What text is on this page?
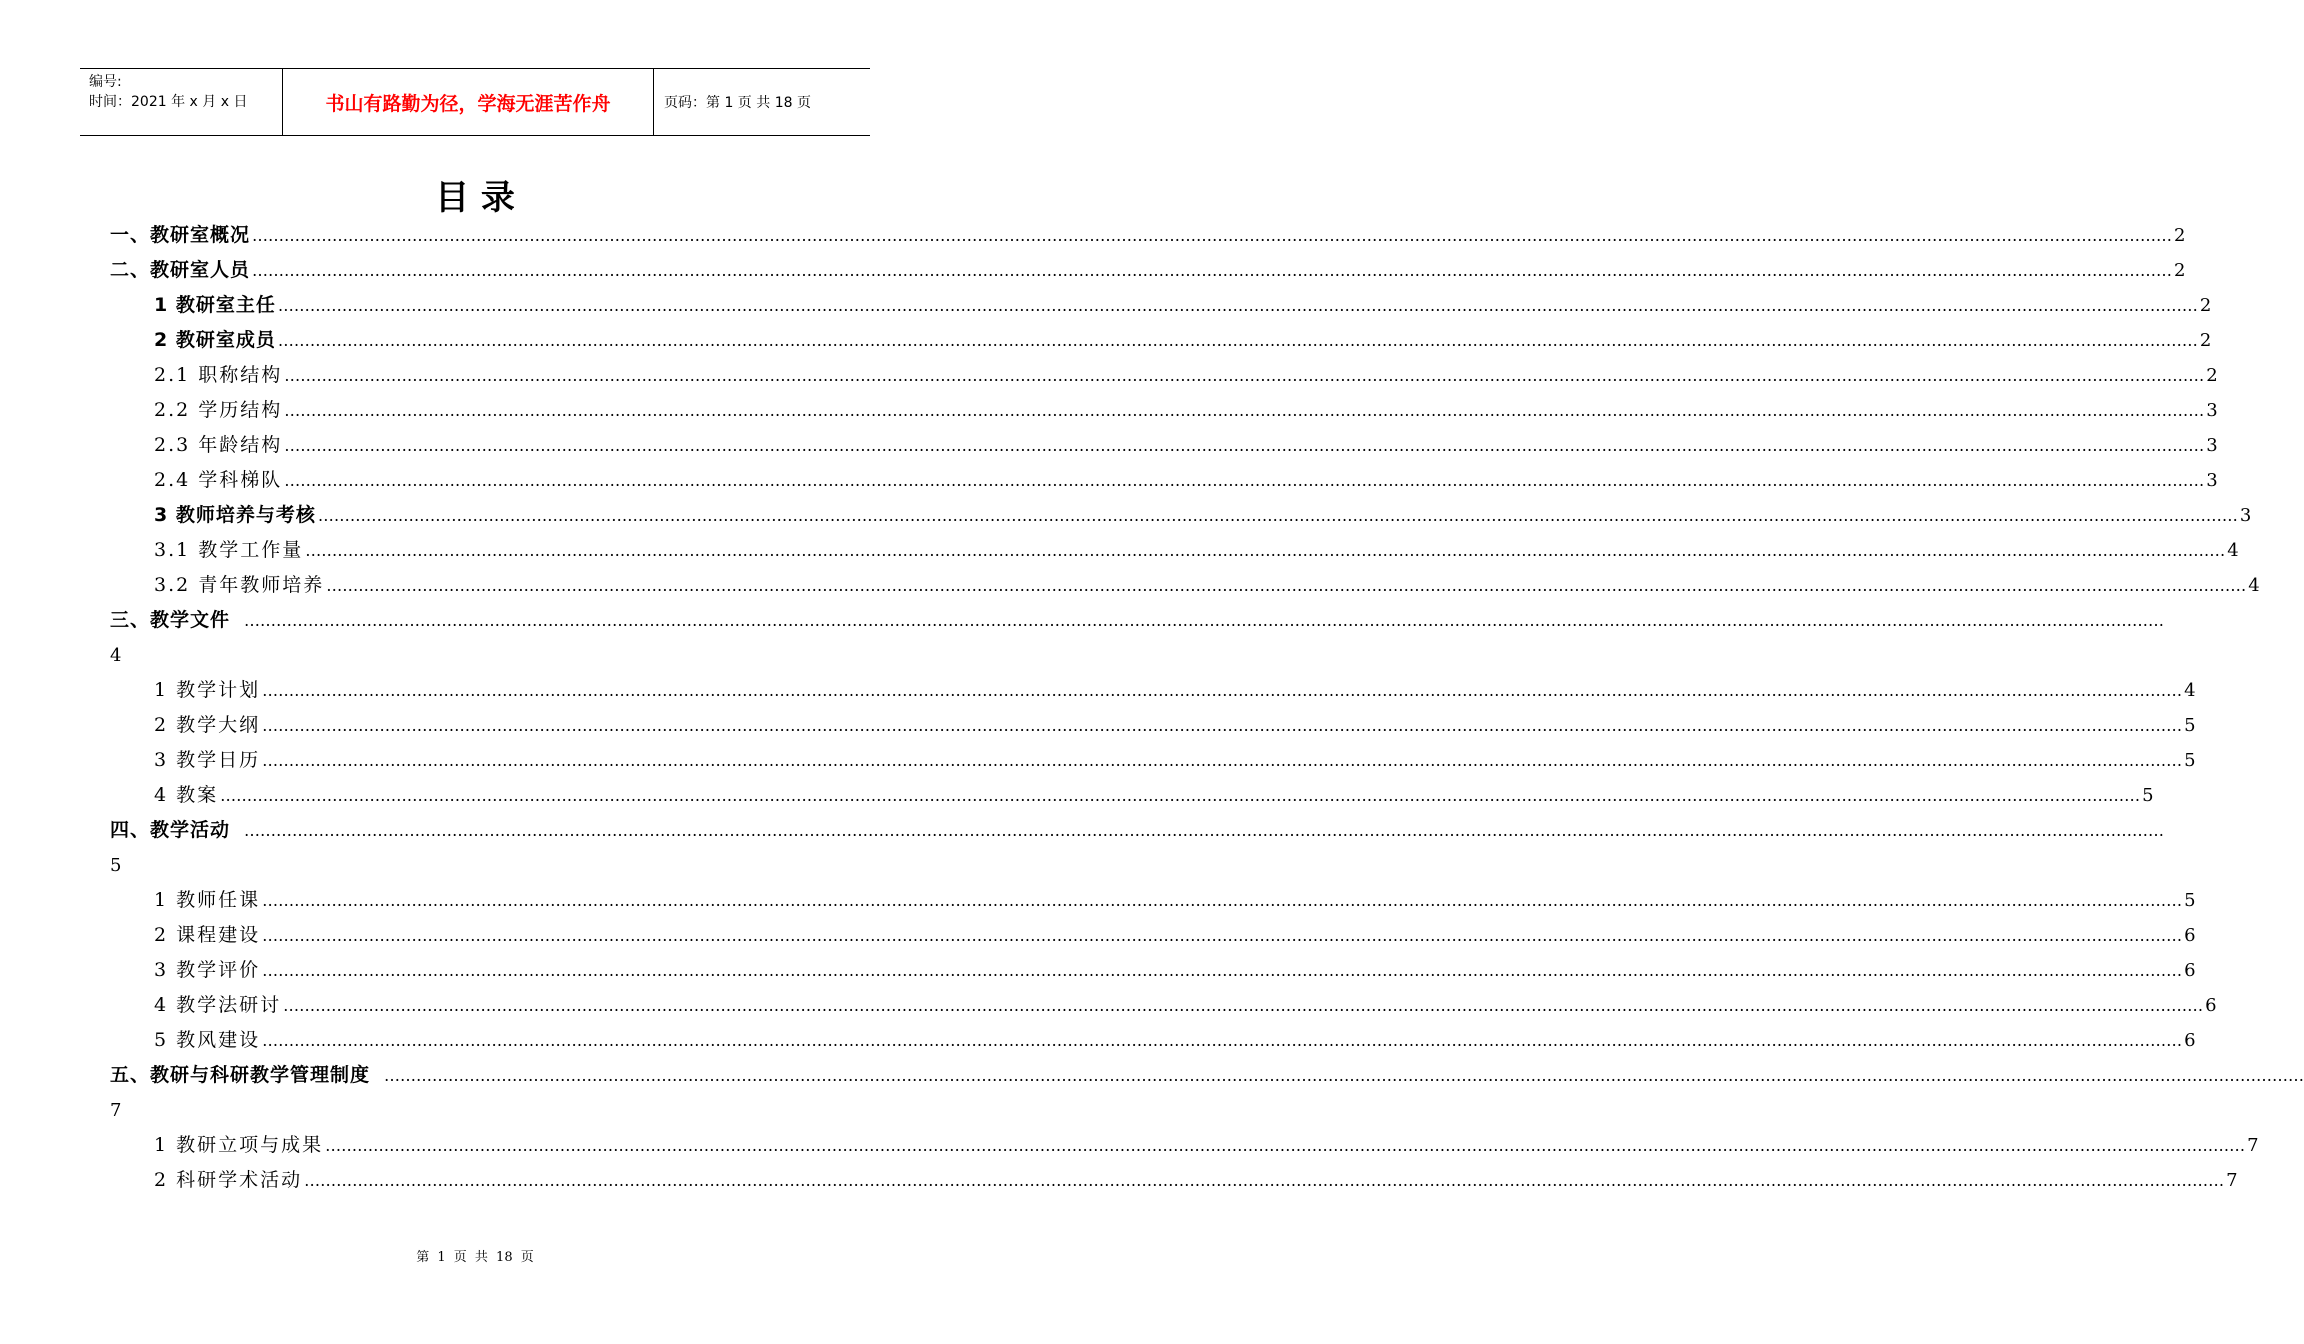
编号:
时间：2021 年 x 月 x 日	书山有路勤为径，学海无涯苦作舟	页码：第 1 页 共 18 页
目 录
一、教研室概况 ……………………………………………………………………………………………………………………………………………………………………………………………………………………………………………………………………………………………………………………………… 2
二、教研室人员 ……………………………………………………………………………………………………………………………………………………………………………………………………………………………………………………………………………………………………………………………… 2
1 教研室主任 ……………………………………………………………………………………………………………………………………………………………………………………………………………………………………………………………………………………………………………………………… 2
2 教研室成员 ……………………………………………………………………………………………………………………………………………………………………………………………………………………………………………………………………………………………………………………………… 2
2.1 职称结构 ……………………………………………………………………………………………………………………………………………………………………………………………………………………………………………………………………………………………………………………………… 2
2.2 学历结构 ……………………………………………………………………………………………………………………………………………………………………………………………………………………………………………………………………………………………………………………………… 3
2.3 年龄结构 ……………………………………………………………………………………………………………………………………………………………………………………………………………………………………………………………………………………………………………………………… 3
2.4 学科梯队 ……………………………………………………………………………………………………………………………………………………………………………………………………………………………………………………………………………………………………………………………… 3
3 教师培养与考核 ……………………………………………………………………………………………………………………………………………………………………………………………………………………………………………………………………………………………………………………………… 3
3.1 教学工作量 ……………………………………………………………………………………………………………………………………………………………………………………………………………………………………………………………………………………………………………………………… 4
3.2 青年教师培养 ……………………………………………………………………………………………………………………………………………………………………………………………………………………………………………………………………………………………………………………………… 4
三、教学文件 ………………………………………………………………………………………………………………………………………………………………………………………………………………………………………………………………………………………………………………………………
4
1 教学计划 ……………………………………………………………………………………………………………………………………………………………………………………………………………………………………………………………………………………………………………………………… 4
2 教学大纲 ……………………………………………………………………………………………………………………………………………………………………………………………………………………………………………………………………………………………………………………………… 5
3 教学日历 ……………………………………………………………………………………………………………………………………………………………………………………………………………………………………………………………………………………………………………………………… 5
4 教案 ……………………………………………………………………………………………………………………………………………………………………………………………………………………………………………………………………………………………………………………………… 5
四、教学活动 ………………………………………………………………………………………………………………………………………………………………………………………………………………………………………………………………………………………………………………………………
5
1 教师任课 ……………………………………………………………………………………………………………………………………………………………………………………………………………………………………………………………………………………………………………………………… 5
2 课程建设 ……………………………………………………………………………………………………………………………………………………………………………………………………………………………………………………………………………………………………………………………… 6
3 教学评价 ……………………………………………………………………………………………………………………………………………………………………………………………………………………………………………………………………………………………………………………………… 6
4 教学法研讨 ……………………………………………………………………………………………………………………………………………………………………………………………………………………………………………………………………………………………………………………………… 6
5 教风建设 ……………………………………………………………………………………………………………………………………………………………………………………………………………………………………………………………………………………………………………………………… 6
五、教研与科研教学管理制度 ………………………………………………………………………………………………………………………………………………………………………………………………………………………………………………………………………………………………………………………………
7
1 教研立项与成果 ……………………………………………………………………………………………………………………………………………………………………………………………………………………………………………………………………………………………………………………………… 7
2 科研学术活动 ……………………………………………………………………………………………………………………………………………………………………………………………………………………………………………………………………………………………………………………………… 7
第 1 页 共 18 页
